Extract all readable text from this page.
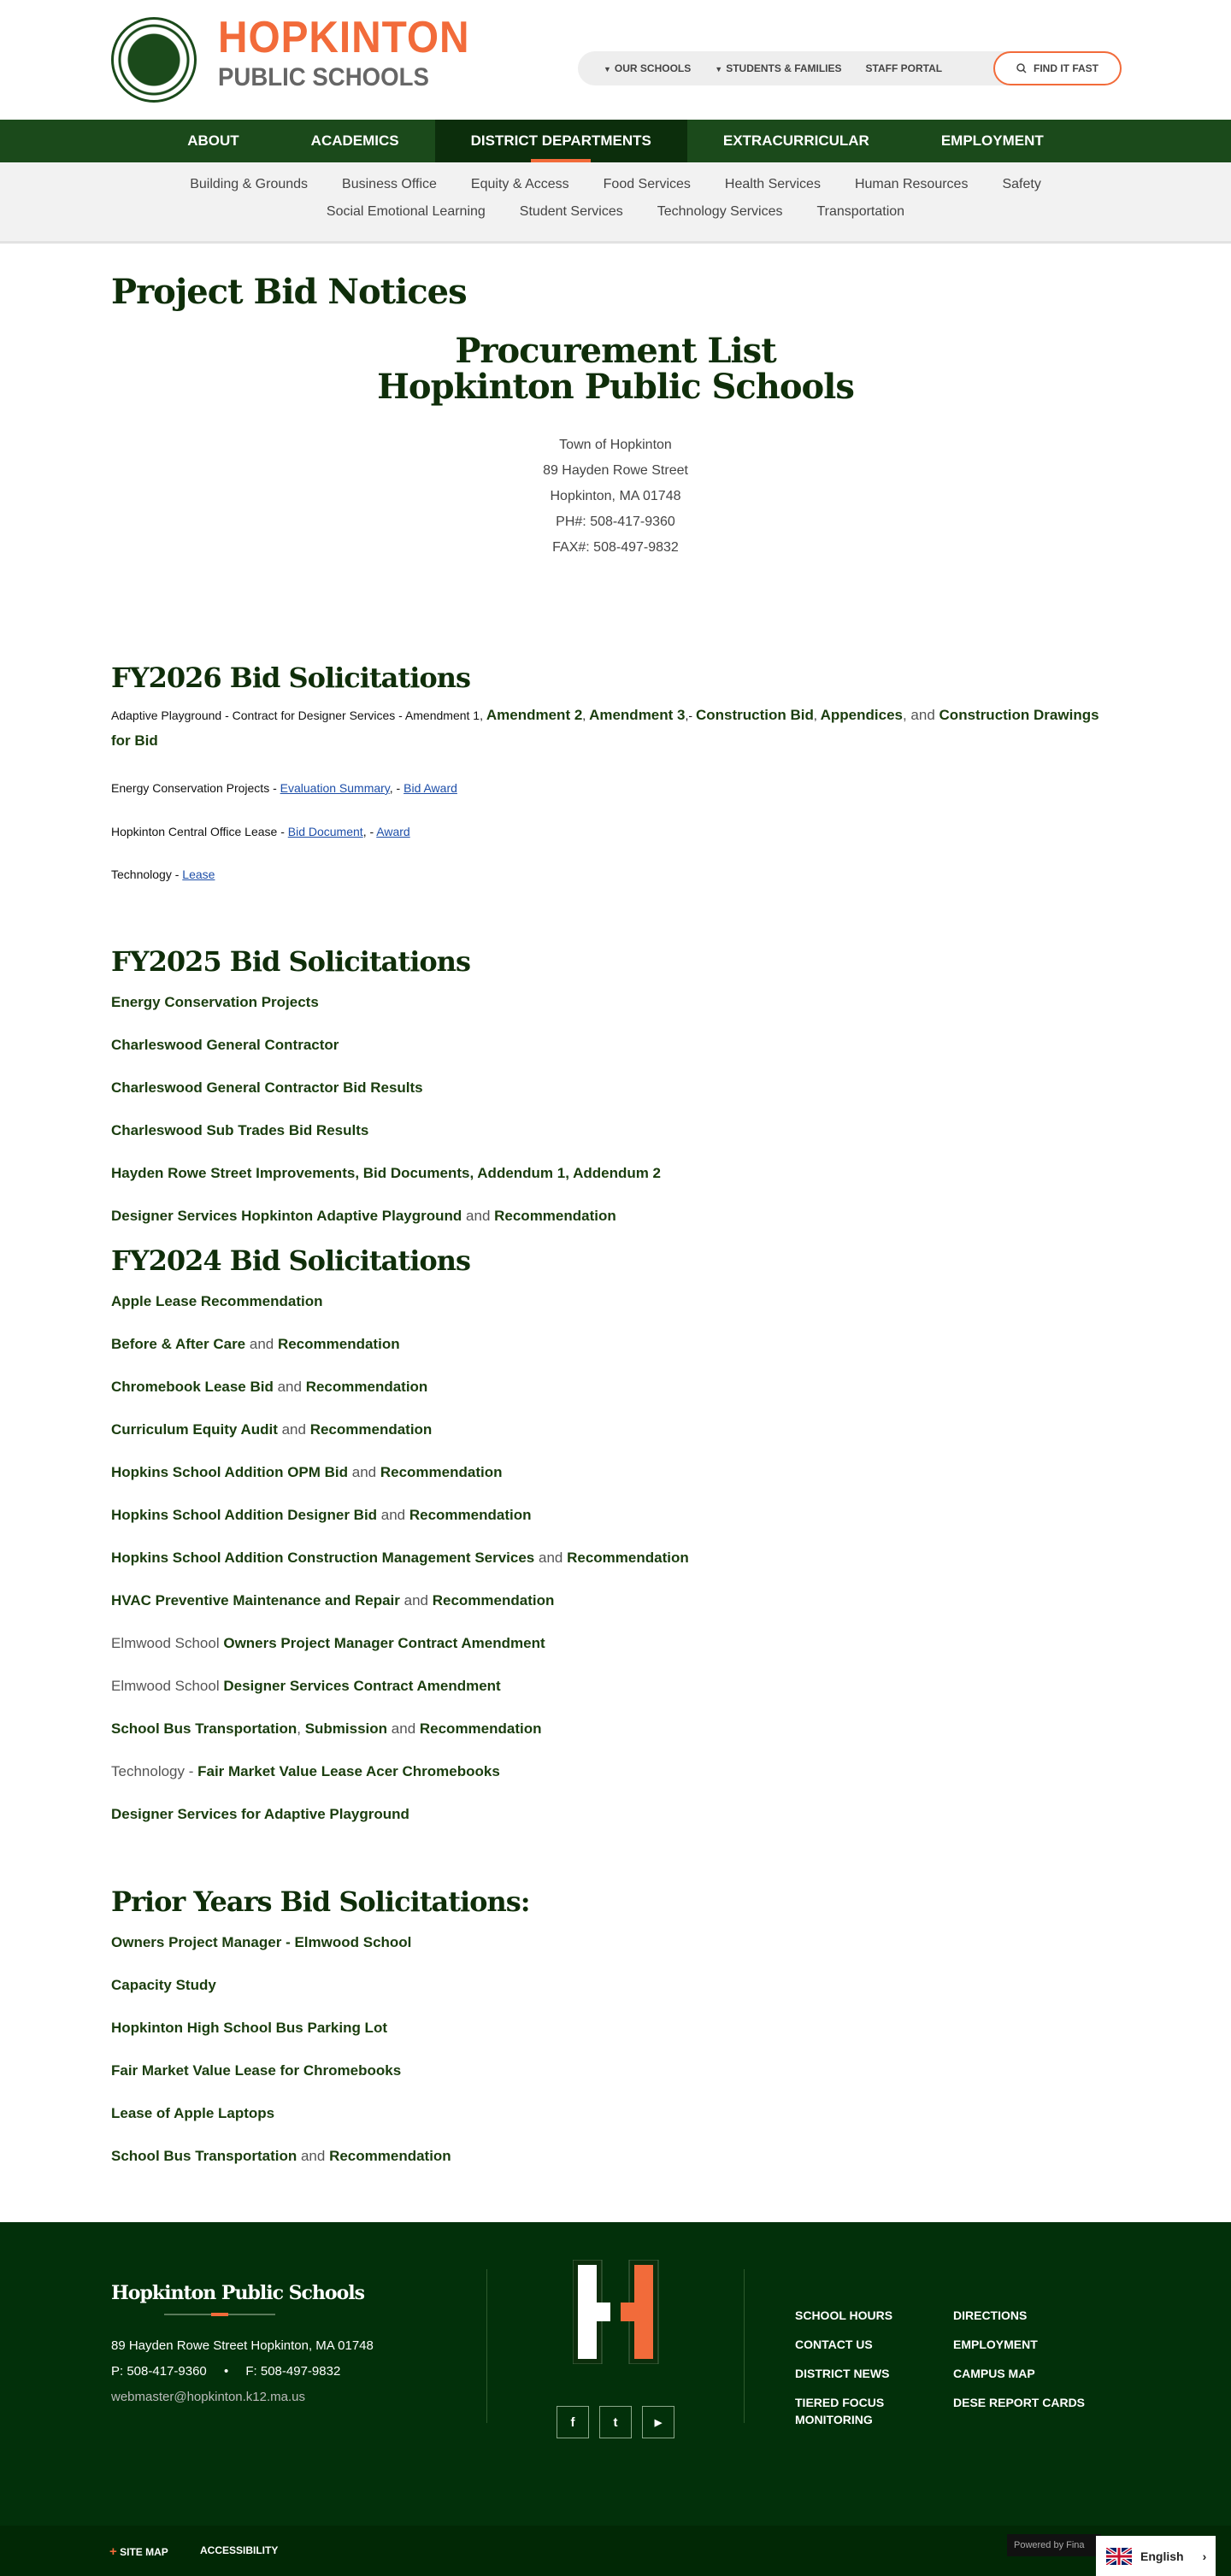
HOPKINTON
PUBLIC SCHOOLS	▼ OUR SCHOOLS	▼ STUDENTS & FAMILIES STAFF PORTAL	FIND IT FAST
ABOUT	ACADEMICS	DISTRICT DEPARTMENTS	EXTRACURRICULAR	EMPLOYMENT
Building & Grounds	Business Office	Equity & Access	Food Services	Health Services	Human Resources	Safety
Social Emotional Learning	Student Services	Technology Services	Transportation
Project Bid Notices
Procurement List
Hopkinton Public Schools
Town of Hopkinton
89 Hayden Rowe Street
Hopkinton, MA 01748
PH#: 508-417-9360
FAX#: 508-497-9832
FY2026 Bid Solicitations
Adaptive Playground - Contract for Designer Services - Amendment 1, Amendment 2, Amendment 3,- Construction Bid, Appendices, and Construction Drawings for Bid
Energy Conservation Projects - Evaluation Summary, - Bid Award
Hopkinton Central Office Lease - Bid Document, - Award
Technology - Lease
FY2025 Bid Solicitations
Energy Conservation Projects
Charleswood General Contractor
Charleswood General Contractor Bid Results
Charleswood Sub Trades Bid Results
Hayden Rowe Street Improvements, Bid Documents, Addendum 1, Addendum 2
Designer Services Hopkinton Adaptive Playground and Recommendation
FY2024 Bid Solicitations
Apple Lease Recommendation
Before & After Care and Recommendation
Chromebook Lease Bid and Recommendation
Curriculum Equity Audit and Recommendation
Hopkins School Addition OPM Bid and Recommendation
Hopkins School Addition Designer Bid and Recommendation
Hopkins School Addition Construction Management Services and Recommendation
HVAC Preventive Maintenance and Repair and Recommendation
Elmwood School Owners Project Manager Contract Amendment
Elmwood School Designer Services Contract Amendment
School Bus Transportation, Submission and Recommendation
Technology - Fair Market Value Lease Acer Chromebooks
Designer Services for Adaptive Playground
Prior Years Bid Solicitations:
Owners Project Manager - Elmwood School
Capacity Study
Hopkinton High School Bus Parking Lot
Fair Market Value Lease for Chromebooks
Lease of Apple Laptops
School Bus Transportation and Recommendation
Hopkinton Public Schools
89 Hayden Rowe Street Hopkinton, MA 01748
P: 508-417-9360 • F: 508-497-9832
webmaster@hopkinton.k12.ma.us
f	t	▶
SCHOOL HOURS
CONTACT US
DISTRICT NEWS
TIERED FOCUS MONITORING
DIRECTIONS
EMPLOYMENT
CAMPUS MAP
DESE REPORT CARDS
+ SITE MAP	ACCESSIBILITY	Powered by Fina
English ›
